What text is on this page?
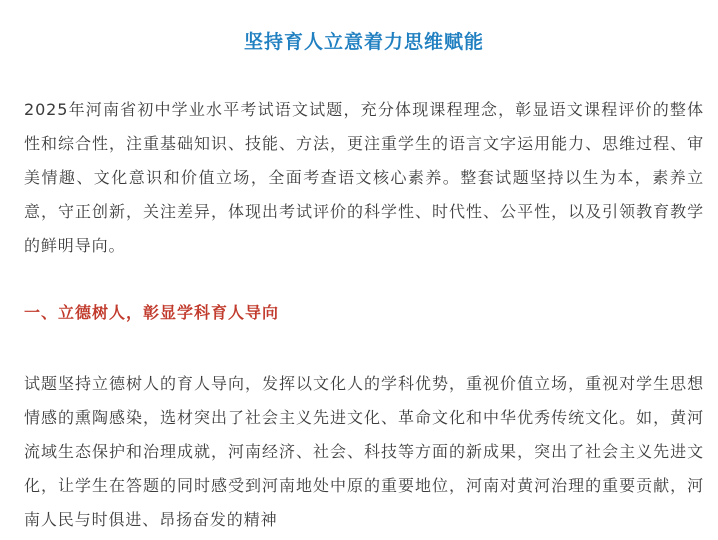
坚持育人立意着力思维赋能

2025年河南省初中学业水平考试语文试题，充分体现课程理念，彰显语文课程评价的整体性和综合性，注重基础知识、技能、方法，更注重学生的语言文字运用能力、思维过程、审美情趣、文化意识和价值立场，全面考查语文核心素养。整套试题坚持以生为本，素养立意，守正创新，关注差异，体现出考试评价的科学性、时代性、公平性，以及引领教育教学的鲜明导向。

一、立德树人，彰显学科育人导向

试题坚持立德树人的育人导向，发挥以文化人的学科优势，重视价值立场，重视对学生思想情感的熏陶感染，选材突出了社会主义先进文化、革命文化和中华优秀传统文化。如，黄河流域生态保护和治理成就，河南经济、社会、科技等方面的新成果，突出了社会主义先进文化，让学生在答题的同时感受到河南地处中原的重要地位，河南对黄河治理的重要贡献，河南人民与时俱进、昂扬奋发的精神
